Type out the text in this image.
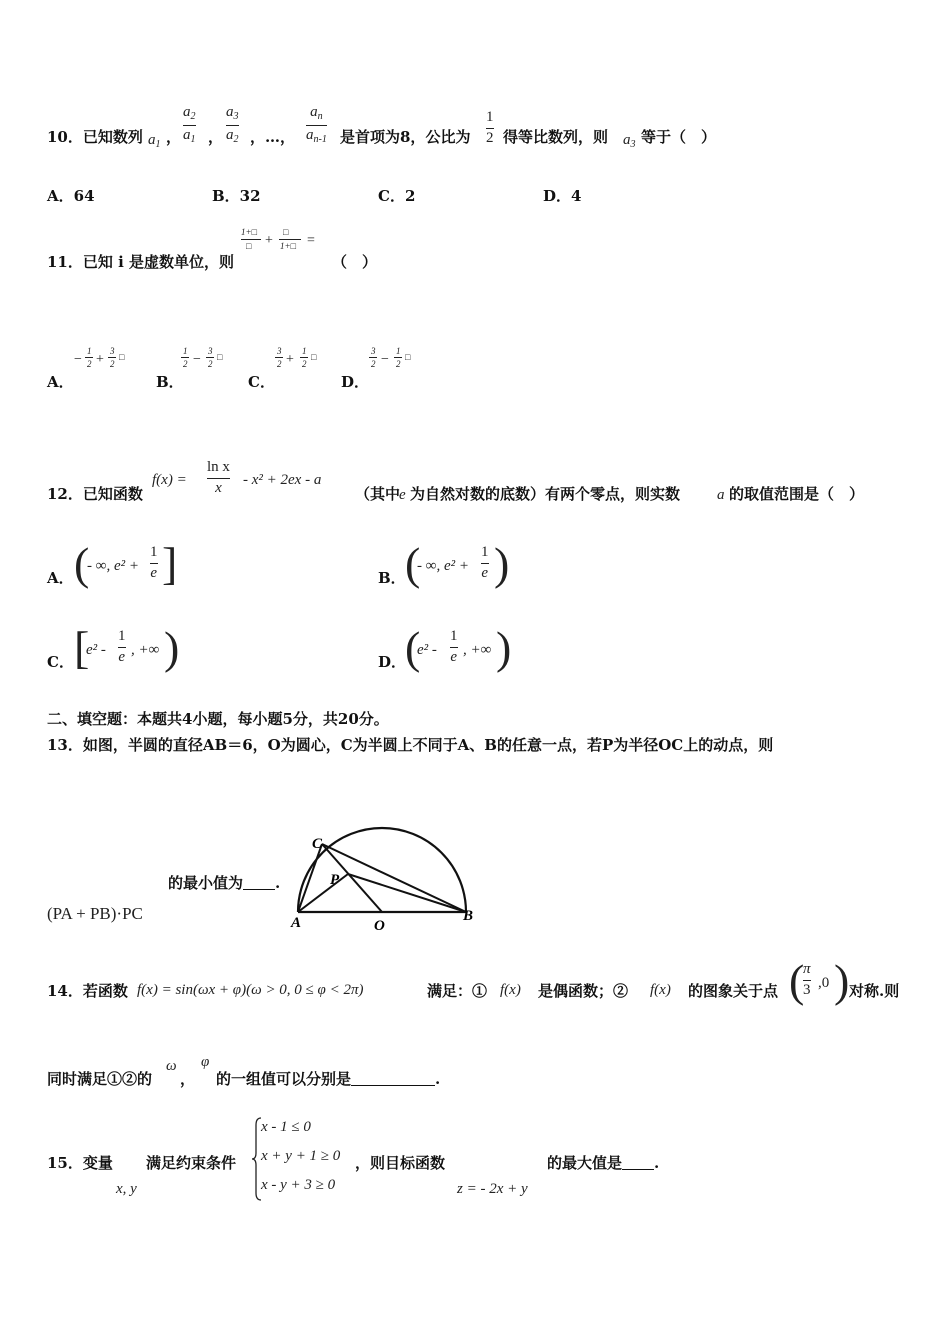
10．已知数列 $a_1$ ，
$a_2$
$a_1$ ，
$a_3$
$a_2$ ，…，
$a_n$
$a_{n-1}$ 是首项为8，公比为
1
2 得等比数列，则 $a_3$ 等于（　）
A．64	B．32	C．2	D．4
11．已知 i 是虚数单位，则
1+□
□ +
□
1+□ =
（　）
A．
−
1
2 +
3
2
□
B．
1
2 −
3
2
□
C．
3
2 +
1
2
□
D．
3
2 −
1
2
□
12．已知函数
f(x) =
ln x
x - x² + 2ex - a
（其中
e 为自然对数的底数）有两个零点，则实数 a 的取值范围是（　）
A． (
- ∞, e² +
1
e ]	B． (
- ∞, e² +
1
e )
C． [
e² -
1
e , +∞ )	D．
(
e² -
1
e , +∞ )
二、填空题：本题共4小题，每小题5分，共20分。
13．如图，半圆的直径AB＝6，O为圆心，C为半圆上不同于A、B的任意一点，若P为半径OC上的动点，则
的最小值为 .
(PA + PB)·PC
C
P
A	O
B
14．若函数 f(x) = sin(ωx + φ)(ω > 0, 0 ≤ φ < 2π)	满足：① f(x) 是偶函数；② f(x) 的图象关于点 (
π
3 ,0 ) 对称.则
同时满足①②的
ω
，
φ
的一组值可以分别是	.
15．变量
x, y
满足约束条件
x - 1 ≤ 0
x + y + 1 ≥ 0
x - y + 3 ≥ 0
，则目标函数
z = - 2x + y
的最大值是 .
